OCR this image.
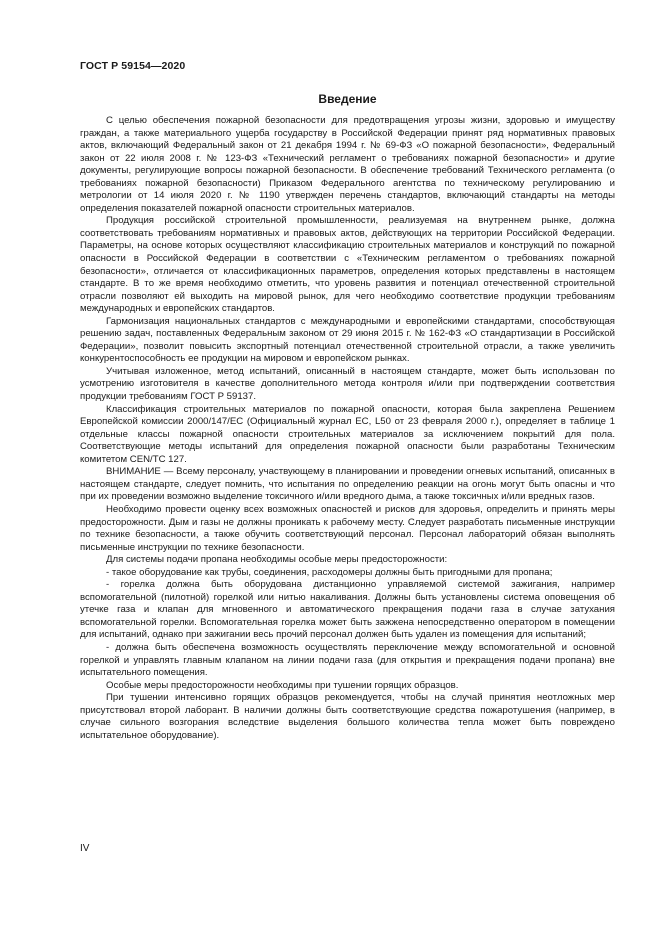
ГОСТ Р 59154—2020
Введение

С целью обеспечения пожарной безопасности для предотвращения угрозы жизни, здоровью и имуществу граждан, а также материального ущерба государству в Российской Федерации принят ряд нормативных правовых актов, включающий Федеральный закон от 21 декабря 1994 г. № 69-ФЗ «О пожарной безопасности», Федеральный закон от 22 июля 2008 г. № 123-ФЗ «Технический регламент о требованиях пожарной безопасности» и другие документы, регулирующие вопросы пожарной безопасности. В обеспечение требований Технического регламента (о требованиях пожарной безопасности) Приказом Федерального агентства по техническому регулированию и метрологии от 14 июля 2020 г. № 1190 утвержден перечень стандартов, включающий стандарты на методы определения показателей пожарной опасности строительных материалов.

Продукция российской строительной промышленности, реализуемая на внутреннем рынке, должна соответствовать требованиям нормативных и правовых актов, действующих на территории Российской Федерации. Параметры, на основе которых осуществляют классификацию строительных материалов и конструкций по пожарной опасности в Российской Федерации в соответствии с «Техническим регламентом о требованиях пожарной безопасности», отличается от классификационных параметров, определения которых представлены в настоящем стандарте. В то же время необходимо отметить, что уровень развития и потенциал отечественной строительной отрасли позволяют ей выходить на мировой рынок, для чего необходимо соответствие продукции требованиям международных и европейских стандартов.

Гармонизация национальных стандартов с международными и европейскими стандартами, способствующая решению задач, поставленных Федеральным законом от 29 июня 2015 г. № 162-ФЗ «О стандартизации в Российской Федерации», позволит повысить экспортный потенциал отечественной строительной отрасли, а также увеличить конкурентоспособность ее продукции на мировом и европейском рынках.

Учитывая изложенное, метод испытаний, описанный в настоящем стандарте, может быть использован по усмотрению изготовителя в качестве дополнительного метода контроля и/или при подтверждении соответствия продукции требованиям ГОСТ Р 59137.

Классификация строительных материалов по пожарной опасности, которая была закреплена Решением Европейской комиссии 2000/147/ЕС (Официальный журнал ЕС, L50 от 23 февраля 2000 г.), определяет в таблице 1 отдельные классы пожарной опасности строительных материалов за исключением покрытий для пола. Соответствующие методы испытаний для определения пожарной опасности были разработаны Техническим комитетом CEN/TC 127.

ВНИМАНИЕ — Всему персоналу, участвующему в планировании и проведении огневых испытаний, описанных в настоящем стандарте, следует помнить, что испытания по определению реакции на огонь могут быть опасны и что при их проведении возможно выделение токсичного и/или вредного дыма, а также токсичных и/или вредных газов.

Необходимо провести оценку всех возможных опасностей и рисков для здоровья, определить и принять меры предосторожности. Дым и газы не должны проникать к рабочему месту. Следует разработать письменные инструкции по технике безопасности, а также обучить соответствующий персонал. Персонал лабораторий обязан выполнять письменные инструкции по технике безопасности.

Для системы подачи пропана необходимы особые меры предосторожности:

- такое оборудование как трубы, соединения, расходомеры должны быть пригодными для пропана;

- горелка должна быть оборудована дистанционно управляемой системой зажигания, например вспомогательной (пилотной) горелкой или нитью накаливания. Должны быть установлены система оповещения об утечке газа и клапан для мгновенного и автоматического прекращения подачи газа в случае затухания вспомогательной горелки. Вспомогательная горелка может быть зажжена непосредственно оператором в помещении для испытаний, однако при зажигании весь прочий персонал должен быть удален из помещения для испытаний;

- должна быть обеспечена возможность осуществлять переключение между вспомогательной и основной горелкой и управлять главным клапаном на линии подачи газа (для открытия и прекращения подачи пропана) вне испытательного помещения.

Особые меры предосторожности необходимы при тушении горящих образцов.

При тушении интенсивно горящих образцов рекомендуется, чтобы на случай принятия неотложных мер присутствовал второй лаборант. В наличии должны быть соответствующие средства пожаротушения (например, в случае сильного возгорания вследствие выделения большого количества тепла может быть повреждено испытательное оборудование).

IV
